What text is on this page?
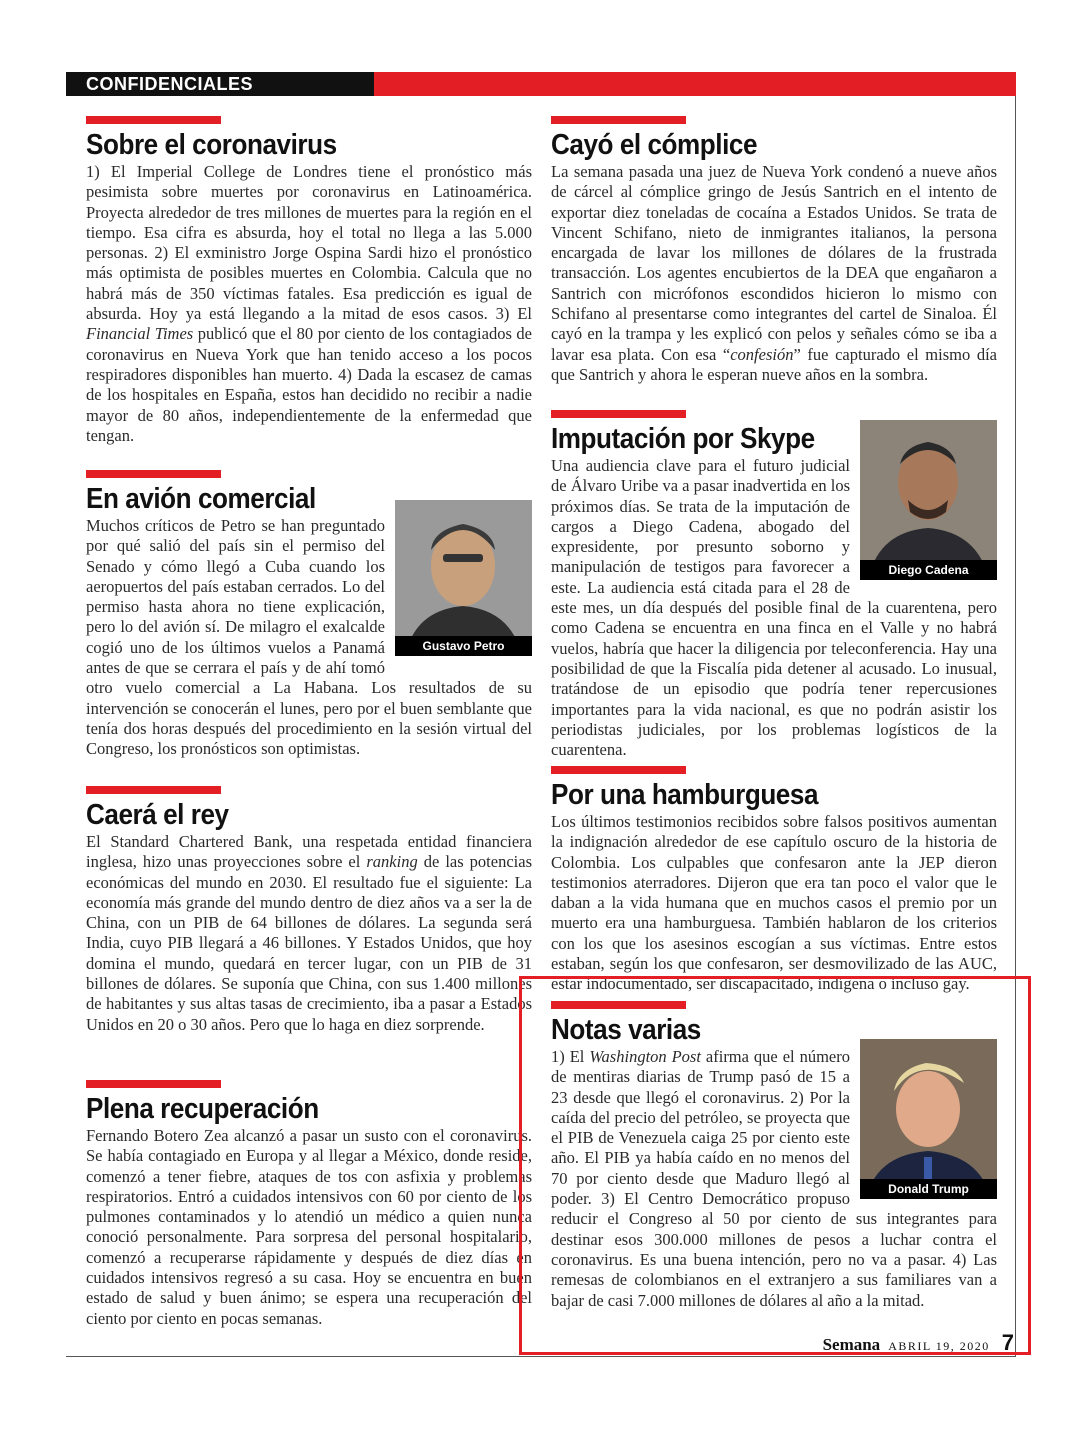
CONFIDENCIALES
Sobre el coronavirus

1) El Imperial College de Londres tiene el pronóstico más pesimista sobre muertes por coronavirus en Latinoamérica. Proyecta alrededor de tres millones de muertes para la región en el tiempo. Esa cifra es absurda, hoy el total no llega a las 5.000 personas. 2) El exministro Jorge Ospina Sardi hizo el pronóstico más optimista de posibles muertes en Colombia. Calcula que no habrá más de 350 víctimas fatales. Esa predicción es igual de absurda. Hoy ya está llegando a la mitad de esos casos. 3) El Financial Times publicó que el 80 por ciento de los contagiados de coronavirus en Nueva York que han tenido acceso a los pocos respiradores disponibles han muerto. 4) Dada la escasez de camas de los hospitales en España, estos han decidido no recibir a nadie mayor de 80 años, independientemente de la enfermedad que tengan.

En avión comercial
Gustavo Petro

Muchos críticos de Petro se han preguntado por qué salió del país sin el permiso del Senado y cómo llegó a Cuba cuando los aeropuertos del país estaban cerrados. Lo del permiso hasta ahora no tiene explicación, pero lo del avión sí. De milagro el exalcalde cogió uno de los últimos vuelos a Panamá antes de que se cerrara el país y de ahí tomó otro vuelo comercial a La Habana. Los resultados de su intervención se conocerán el lunes, pero por el buen semblante que tenía dos horas después del procedimiento en la sesión virtual del Congreso, los pronósticos son optimistas.

Caerá el rey

El Standard Chartered Bank, una respetada entidad financiera inglesa, hizo unas proyecciones sobre el ranking de las potencias económicas del mundo en 2030. El resultado fue el siguiente: La economía más grande del mundo dentro de diez años va a ser la de China, con un PIB de 64 billones de dólares. La segunda será India, cuyo PIB llegará a 46 billones. Y Estados Unidos, que hoy domina el mundo, quedará en tercer lugar, con un PIB de 31 billones de dólares. Se suponía que China, con sus 1.400 millones de habitantes y sus altas tasas de crecimiento, iba a pasar a Estados Unidos en 20 o 30 años. Pero que lo haga en diez sorprende.

Plena recuperación

Fernando Botero Zea alcanzó a pasar un susto con el coronavirus. Se había contagiado en Europa y al llegar a México, donde reside, comenzó a tener fiebre, ataques de tos con asfixia y problemas respiratorios. Entró a cuidados intensivos con 60 por ciento de los pulmones contaminados y lo atendió un médico a quien nunca conoció personalmente. Para sorpresa del personal hospitalario, comenzó a recuperarse rápidamente y después de diez días en cuidados intensivos regresó a su casa. Hoy se encuentra en buen estado de salud y buen ánimo; se espera una recuperación del ciento por ciento en pocas semanas.

Cayó el cómplice

La semana pasada una juez de Nueva York condenó a nueve años de cárcel al cómplice gringo de Jesús Santrich en el intento de exportar diez toneladas de cocaína a Estados Unidos. Se trata de Vincent Schifano, nieto de inmigrantes italianos, la persona encargada de lavar los millones de dólares de la frustrada transacción. Los agentes encubiertos de la DEA que engañaron a Santrich con micrófonos escondidos hicieron lo mismo con Schifano al presentarse como integrantes del cartel de Sinaloa. Él cayó en la trampa y les explicó con pelos y señales cómo se iba a lavar esa plata. Con esa “confesión” fue capturado el mismo día que Santrich y ahora le esperan nueve años en la sombra.

Imputación por Skype
Diego Cadena

Una audiencia clave para el futuro judicial de Álvaro Uribe va a pasar inadvertida en los próximos días. Se trata de la imputación de cargos a Diego Cadena, abogado del expresidente, por presunto soborno y manipulación de testigos para favorecer a este. La audiencia está citada para el 28 de este mes, un día después del posible final de la cuarentena, pero como Cadena se encuentra en una finca en el Valle y no habrá vuelos, habría que hacer la diligencia por teleconferencia. Hay una posibilidad de que la Fiscalía pida detener al acusado. Lo inusual, tratándose de un episodio que podría tener repercusiones importantes para la vida nacional, es que no podrán asistir los periodistas judiciales, por los problemas logísticos de la cuarentena.

Por una hamburguesa

Los últimos testimonios recibidos sobre falsos positivos aumentan la indignación alrededor de ese capítulo oscuro de la historia de Colombia. Los culpables que confesaron ante la JEP dieron testimonios aterradores. Dijeron que era tan poco el valor que le daban a la vida humana que en muchos casos el premio por un muerto era una hamburguesa. También hablaron de los criterios con los que los asesinos escogían a sus víctimas. Entre estos estaban, según los que confesaron, ser desmovilizado de las AUC, estar indocumentado, ser discapacitado, indígena o incluso gay.

Notas varias
Donald Trump

1) El Washington Post afirma que el número de mentiras diarias de Trump pasó de 15 a 23 desde que llegó el coronavirus. 2) Por la caída del precio del petróleo, se proyecta que el PIB de Venezuela caiga 25 por ciento este año. El PIB ya había caído en no menos del 70 por ciento desde que Maduro llegó al poder. 3) El Centro Democrático propuso reducir el Congreso al 50 por ciento de sus integrantes para destinar esos 300.000 millones de pesos a luchar contra el coronavirus. Es una buena intención, pero no va a pasar. 4) Las remesas de colombianos en el extranjero a sus familiares van a bajar de casi 7.000 millones de dólares al año a la mitad.

Semana ABRIL 19, 2020 7
